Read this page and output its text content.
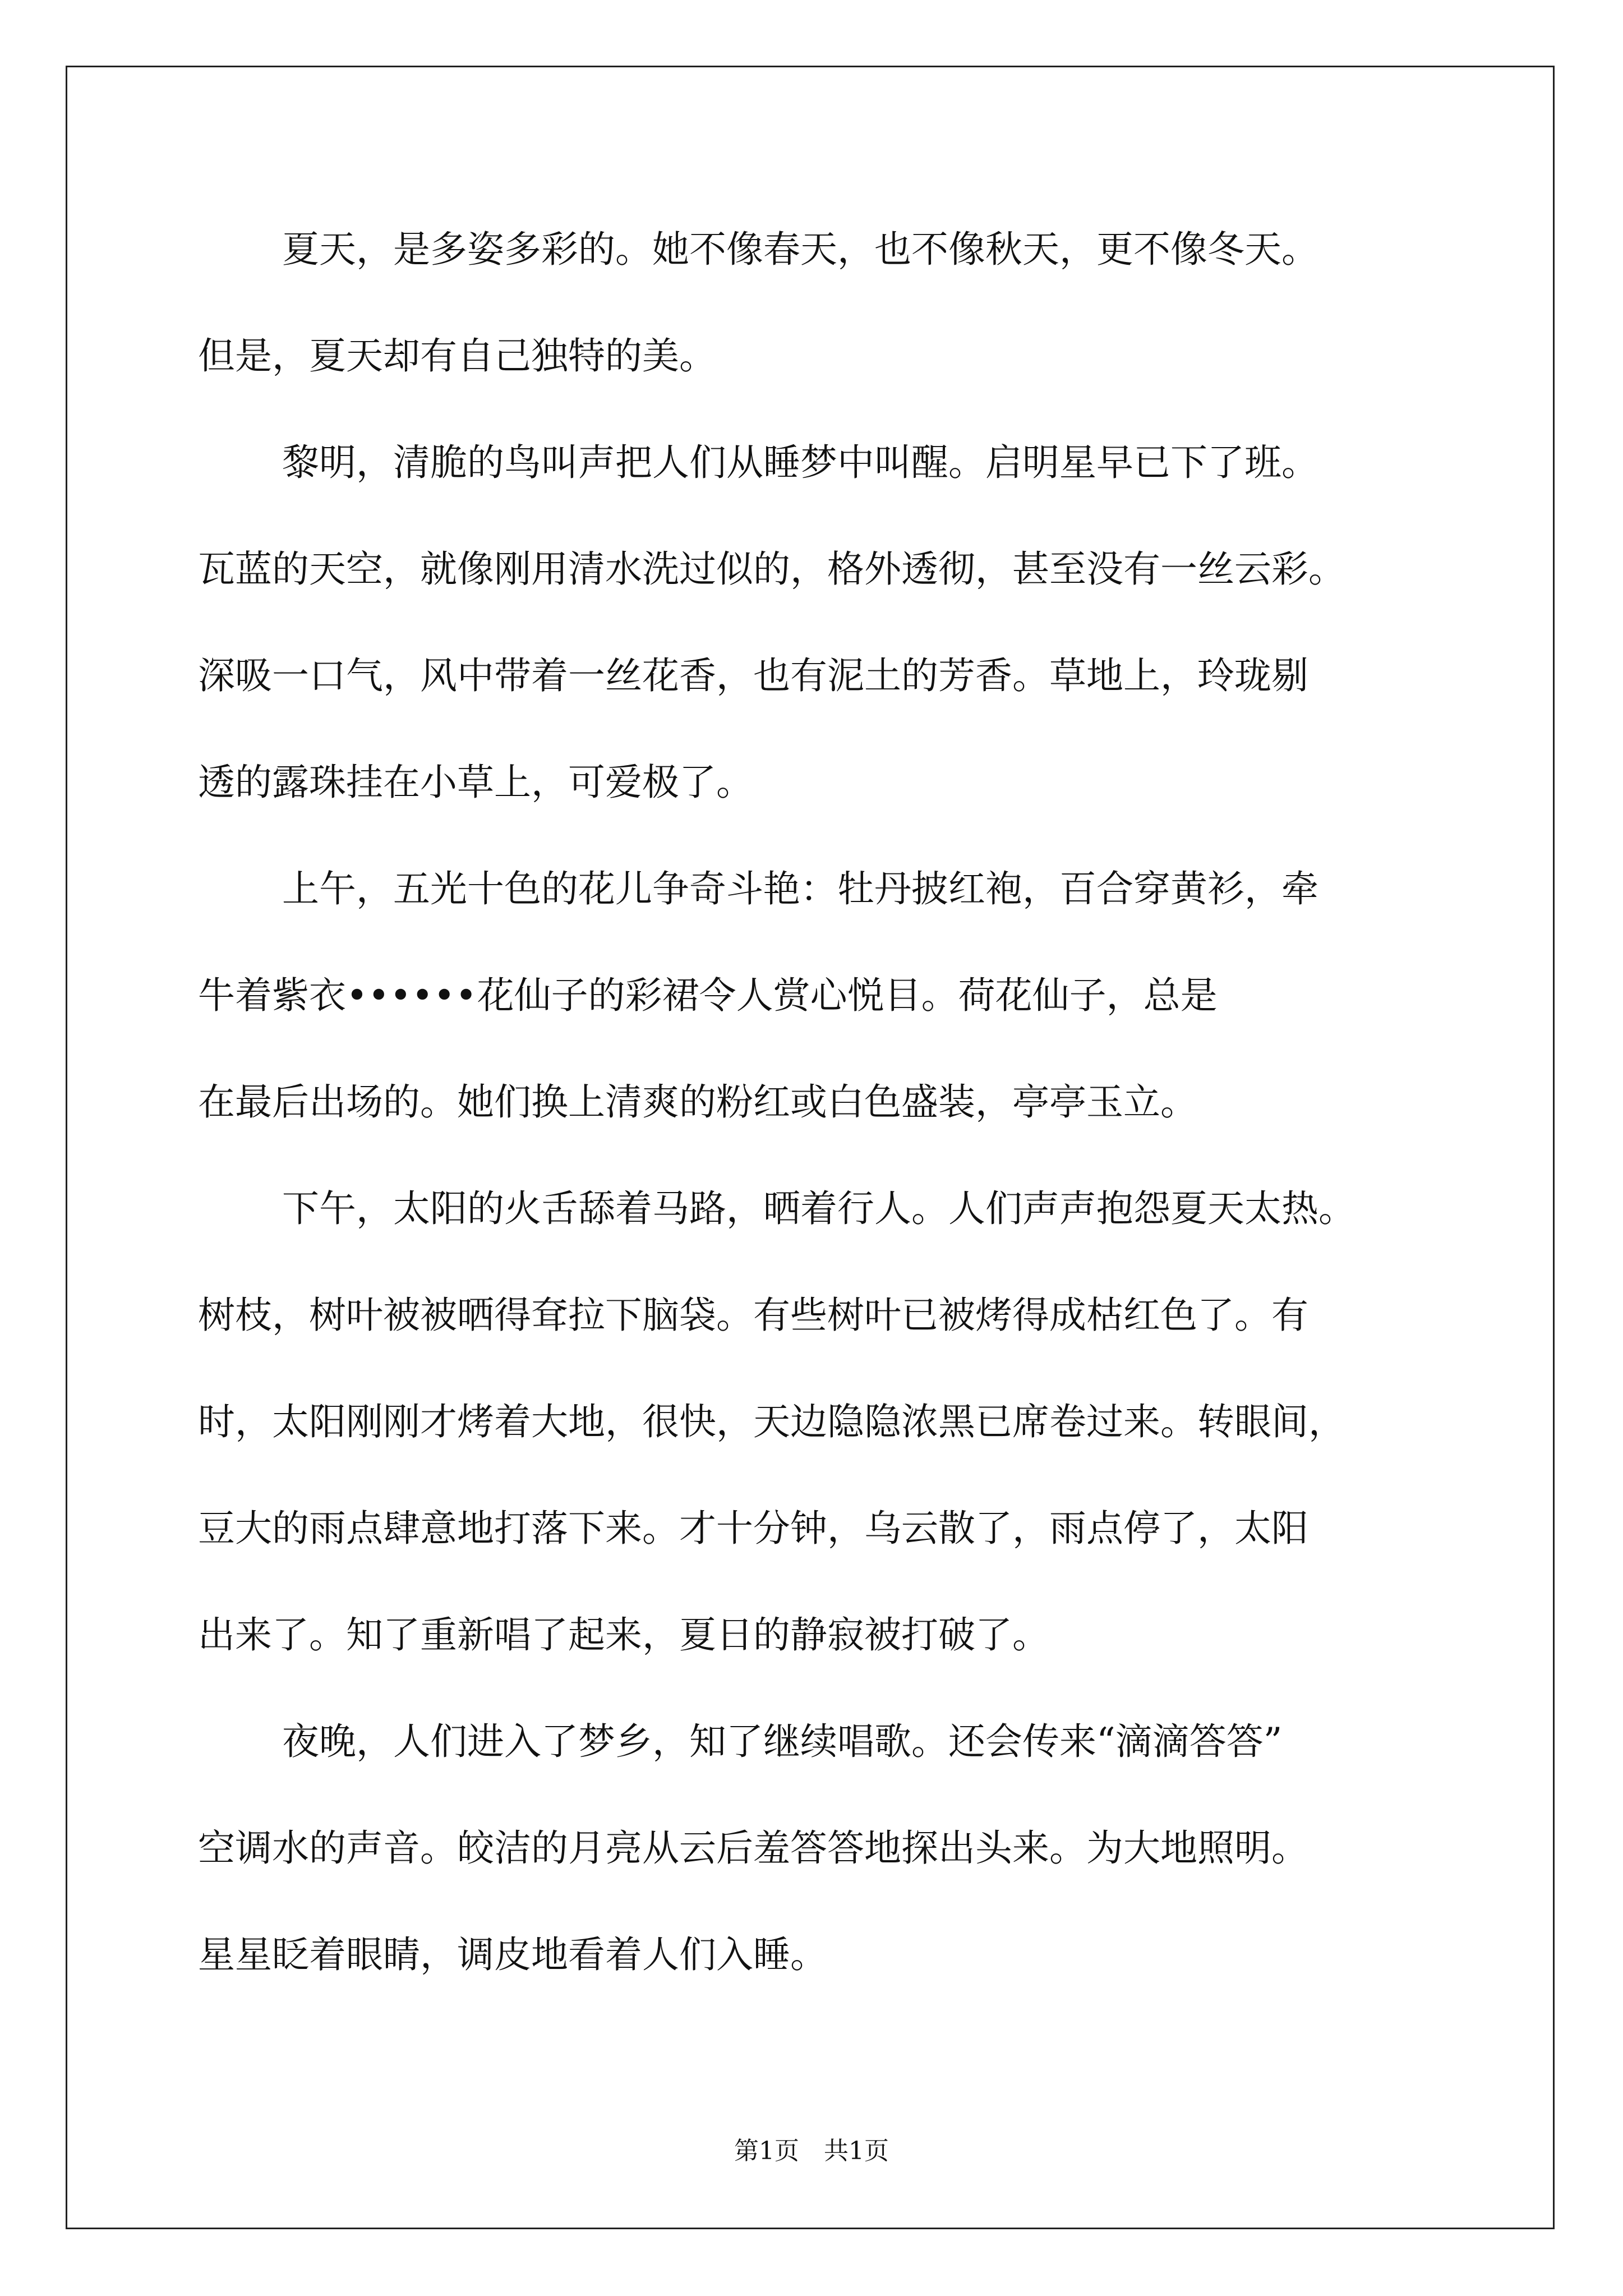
夏天，是多姿多彩的。她不像春天，也不像秋天，更不像冬天。
但是，夏天却有自己独特的美。
黎明，清脆的鸟叫声把人们从睡梦中叫醒。启明星早已下了班。
瓦蓝的天空，就像刚用清水洗过似的，格外透彻，甚至没有一丝云彩。
深吸一口气，风中带着一丝花香，也有泥土的芳香。草地上，玲珑剔
透的露珠挂在小草上，可爱极了。
上午，五光十色的花儿争奇斗艳：牡丹披红袍，百合穿黄衫，牵
牛着紫衣••••••花仙子的彩裙令人赏心悦目。荷花仙子，总是
在最后出场的。她们换上清爽的粉红或白色盛装，亭亭玉立。
下午，太阳的火舌舔着马路，晒着行人。人们声声抱怨夏天太热。
树枝，树叶被被晒得耷拉下脑袋。有些树叶已被烤得成枯红色了。有
时，太阳刚刚才烤着大地，很快，天边隐隐浓黑已席卷过来。转眼间，
豆大的雨点肆意地打落下来。才十分钟，乌云散了，雨点停了，太阳
出来了。知了重新唱了起来，夏日的静寂被打破了。
夜晚，人们进入了梦乡，知了继续唱歌。还会传来“滴滴答答”
空调水的声音。皎洁的月亮从云后羞答答地探出头来。为大地照明。
星星眨着眼睛，调皮地看着人们入睡。
第1页　共1页
